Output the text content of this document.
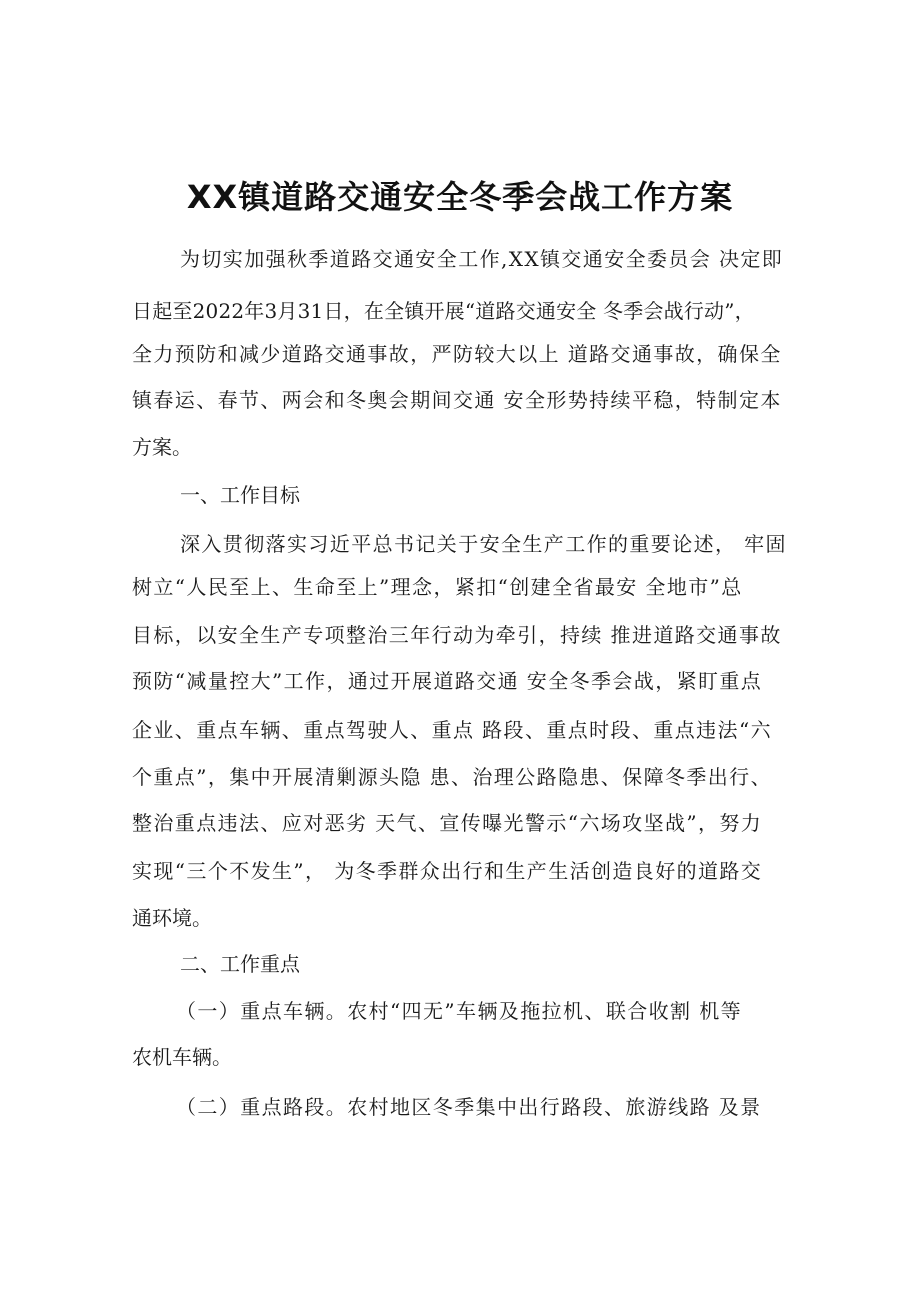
XX镇道路交通安全冬季会战工作方案
为切实加强秋季道路交通安全工作,XX镇交通安全委员会 决定即
日起至2022年3月31日，在全镇开展“道路交通安全 冬季会战行动”，
全力预防和减少道路交通事故，严防较大以上 道路交通事故，确保全
镇春运、春节、两会和冬奥会期间交通 安全形势持续平稳，特制定本
方案。
一、工作目标
深入贯彻落实习近平总书记关于安全生产工作的重要论述， 牢固
树立“人民至上、生命至上”理念，紧扣“创建全省最安 全地市”总
目标，以安全生产专项整治三年行动为牵引，持续 推进道路交通事故
预防“减量控大”工作，通过开展道路交通 安全冬季会战，紧盯重点
企业、重点车辆、重点驾驶人、重点 路段、重点时段、重点违法“六
个重点”，集中开展清剿源头隐 患、治理公路隐患、保障冬季出行、
整治重点违法、应对恶劣 天气、宣传曝光警示“六场攻坚战”，努力
实现“三个不发生”， 为冬季群众出行和生产生活创造良好的道路交
通环境。
二、工作重点
（一）重点车辆。农村“四无”车辆及拖拉机、联合收割 机等
农机车辆。
（二）重点路段。农村地区冬季集中出行路段、旅游线路 及景
